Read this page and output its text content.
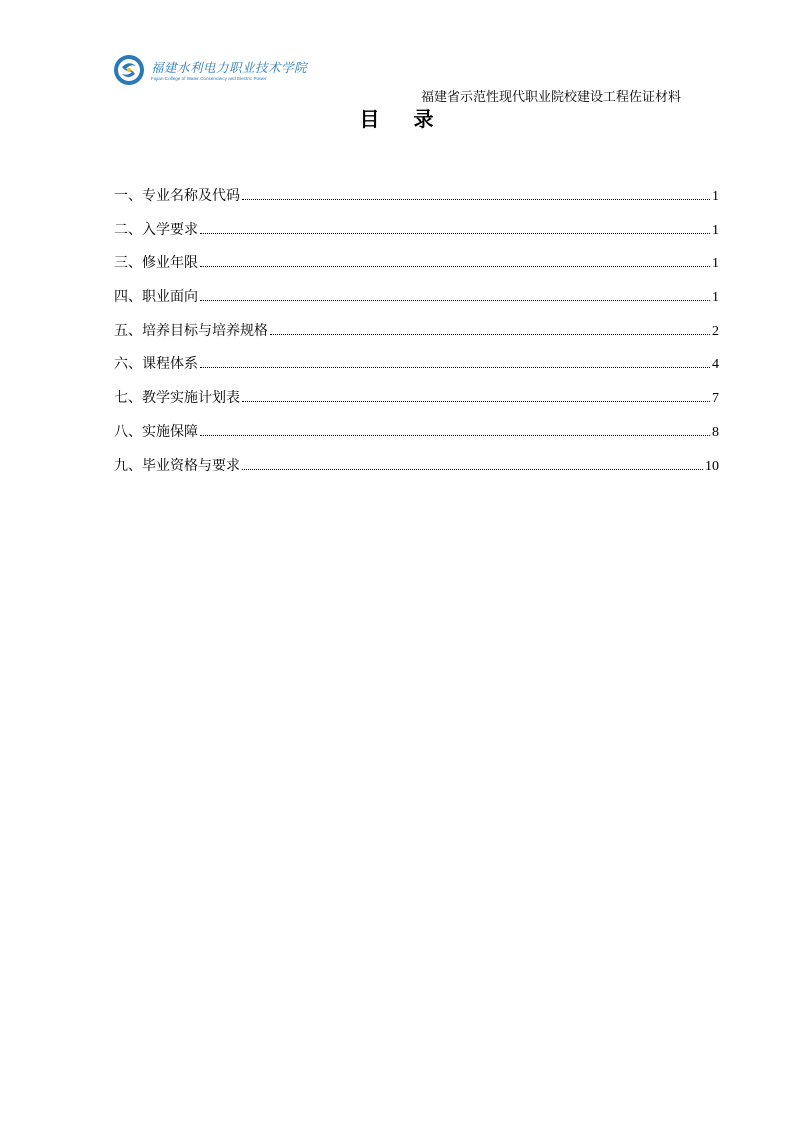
福建水利电力职业技术学院
Fujian College of Water Conservancy and Electric Power
福建省示范性现代职业院校建设工程佐证材料
目录
一、专业名称及代码	1
二、入学要求	1
三、修业年限	1
四、职业面向	1
五、培养目标与培养规格	2
六、课程体系	4
七、教学实施计划表	7
八、实施保障	8
九、毕业资格与要求	10
